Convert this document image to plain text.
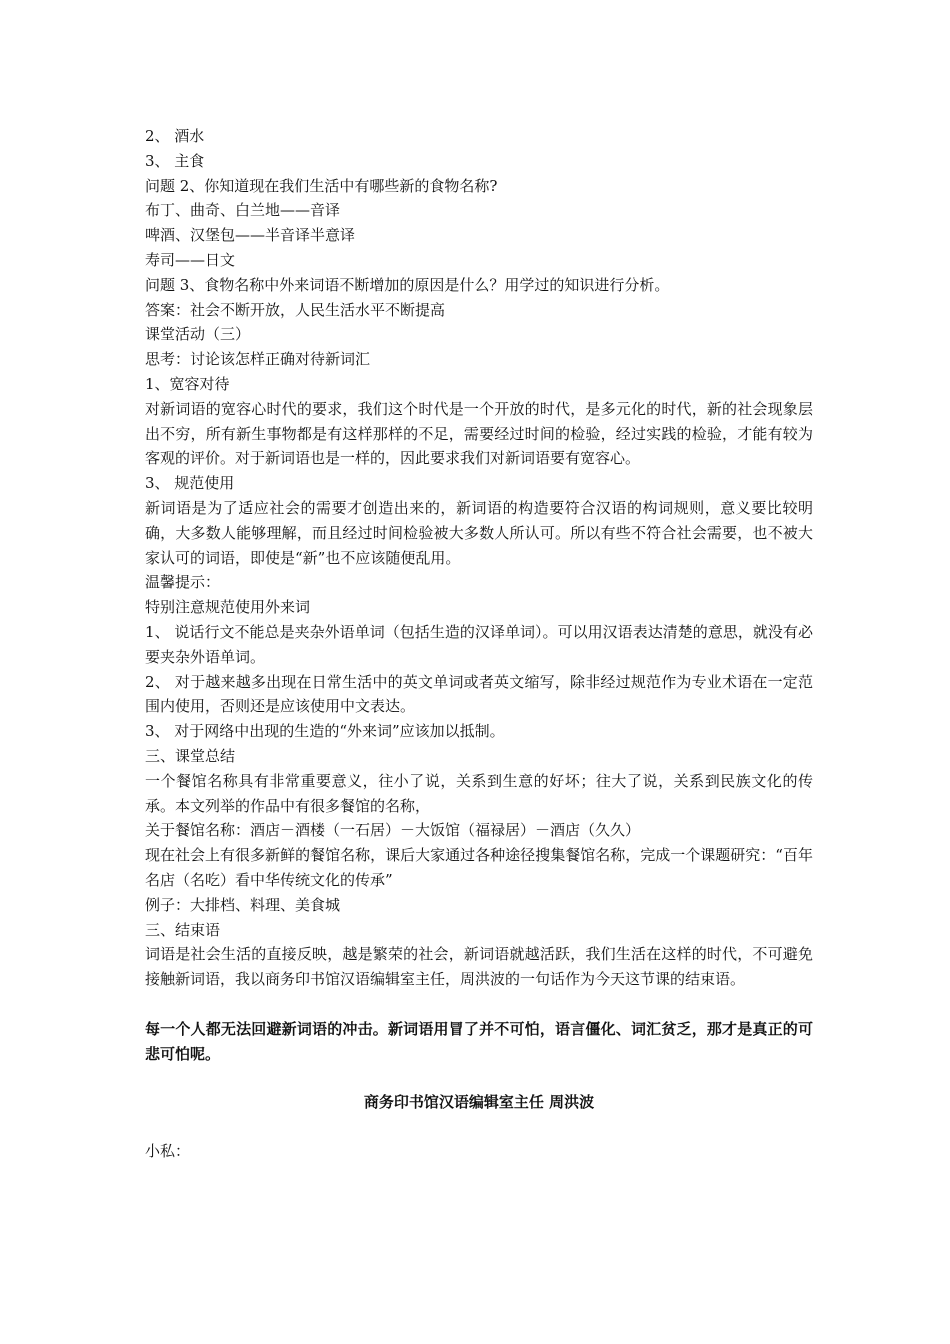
2、 酒水
3、 主食
问题 2、你知道现在我们生活中有哪些新的食物名称?
布丁、曲奇、白兰地——音译
啤酒、汉堡包——半音译半意译
寿司——日文
问题 3、食物名称中外来词语不断增加的原因是什么？用学过的知识进行分析。
答案：社会不断开放，人民生活水平不断提高
课堂活动（三）
思考：讨论该怎样正确对待新词汇
1、宽容对待

对新词语的宽容心时代的要求，我们这个时代是一个开放的时代，是多元化的时代，新的社会现象层出不穷，所有新生事物都是有这样那样的不足，需要经过时间的检验，经过实践的检验，才能有较为客观的评价。对于新词语也是一样的，因此要求我们对新词语要有宽容心。

3、 规范使用

新词语是为了适应社会的需要才创造出来的，新词语的构造要符合汉语的构词规则，意义要比较明确，大多数人能够理解，而且经过时间检验被大多数人所认可。所以有些不符合社会需要，也不被大家认可的词语，即使是“新”也不应该随便乱用。

温馨提示：
特别注意规范使用外来词

1、 说话行文不能总是夹杂外语单词（包括生造的汉译单词）。可以用汉语表达清楚的意思，就没有必要夹杂外语单词。

2、 对于越来越多出现在日常生活中的英文单词或者英文缩写，除非经过规范作为专业术语在一定范围内使用，否则还是应该使用中文表达。

3、 对于网络中出现的生造的“外来词”应该加以抵制。
三、课堂总结

一个餐馆名称具有非常重要意义，往小了说，关系到生意的好坏；往大了说，关系到民族文化的传承。本文列举的作品中有很多餐馆的名称，

关于餐馆名称：酒店－酒楼（一石居）－大饭馆（福禄居）－酒店（久久）

现在社会上有很多新鲜的餐馆名称，课后大家通过各种途径搜集餐馆名称，完成一个课题研究：“百年名店（名吃）看中华传统文化的传承”

例子：大排档、料理、美食城
三、结束语

词语是社会生活的直接反映，越是繁荣的社会，新词语就越活跃，我们生活在这样的时代，不可避免接触新词语，我以商务印书馆汉语编辑室主任，周洪波的一句话作为今天这节课的结束语。

每一个人都无法回避新词语的冲击。新词语用冒了并不可怕，语言僵化、词汇贫乏，那才是真正的可悲可怕呢。

商务印书馆汉语编辑室主任 周洪波

小私：
